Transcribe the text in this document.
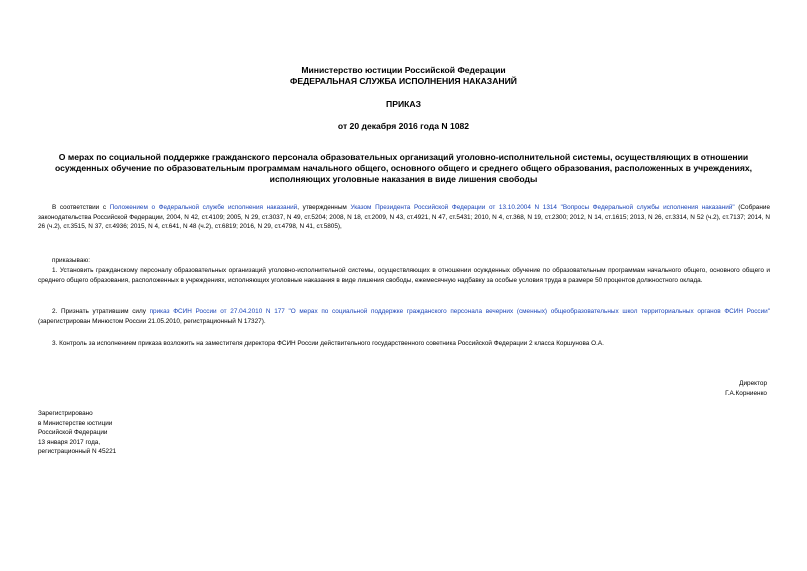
Министерство юстиции Российской Федерации
ФЕДЕРАЛЬНАЯ СЛУЖБА ИСПОЛНЕНИЯ НАКАЗАНИЙ
ПРИКАЗ
от 20 декабря 2016 года N 1082
О мерах по социальной поддержке гражданского персонала образовательных организаций уголовно-исполнительной системы, осуществляющих в отношении
осужденных обучение по образовательным программам начального общего, основного общего и среднего общего образования, расположенных в учреждениях,
исполняющих уголовные наказания в виде лишения свободы
В соответствии с Положением о Федеральной службе исполнения наказаний, утвержденным Указом Президента Российской Федерации от 13.10.2004 N 1314 "Вопросы Федеральной службы исполнения наказаний" (Собрание законодательства Российской Федерации, 2004, N 42, ст.4109; 2005, N 29, ст.3037, N 49, ст.5204; 2008, N 18, ст.2009, N 43, ст.4921, N 47, ст.5431; 2010, N 4, ст.368, N 19, ст.2300; 2012, N 14, ст.1615; 2013, N 26, ст.3314, N 52 (ч.2), ст.7137; 2014, N 26 (ч.2), ст.3515, N 37, ст.4936; 2015, N 4, ст.641, N 48 (ч.2), ст.6819; 2016, N 29, ст.4798, N 41, ст.5805),
приказываю:
1. Установить гражданскому персоналу образовательных организаций уголовно-исполнительной системы, осуществляющих в отношении осужденных обучение по образовательным программам начального общего, основного общего и среднего общего образования, расположенных в учреждениях, исполняющих уголовные наказания в виде лишения свободы, ежемесячную надбавку за особые условия труда в размере 50 процентов должностного оклада.
2. Признать утратившим силу приказ ФСИН России от 27.04.2010 N 177 "О мерах по социальной поддержке гражданского персонала вечерних (сменных) общеобразовательных школ территориальных органов ФСИН России" (зарегистрирован Минюстом России 21.05.2010, регистрационный N 17327).
3. Контроль за исполнением приказа возложить на заместителя директора ФСИН России действительного государственного советника Российской Федерации 2 класса Коршунова О.А.
Директор
Г.А.Корниенко
Зарегистрировано
в Министерстве юстиции
Российской Федерации
13 января 2017 года,
регистрационный N 45221
